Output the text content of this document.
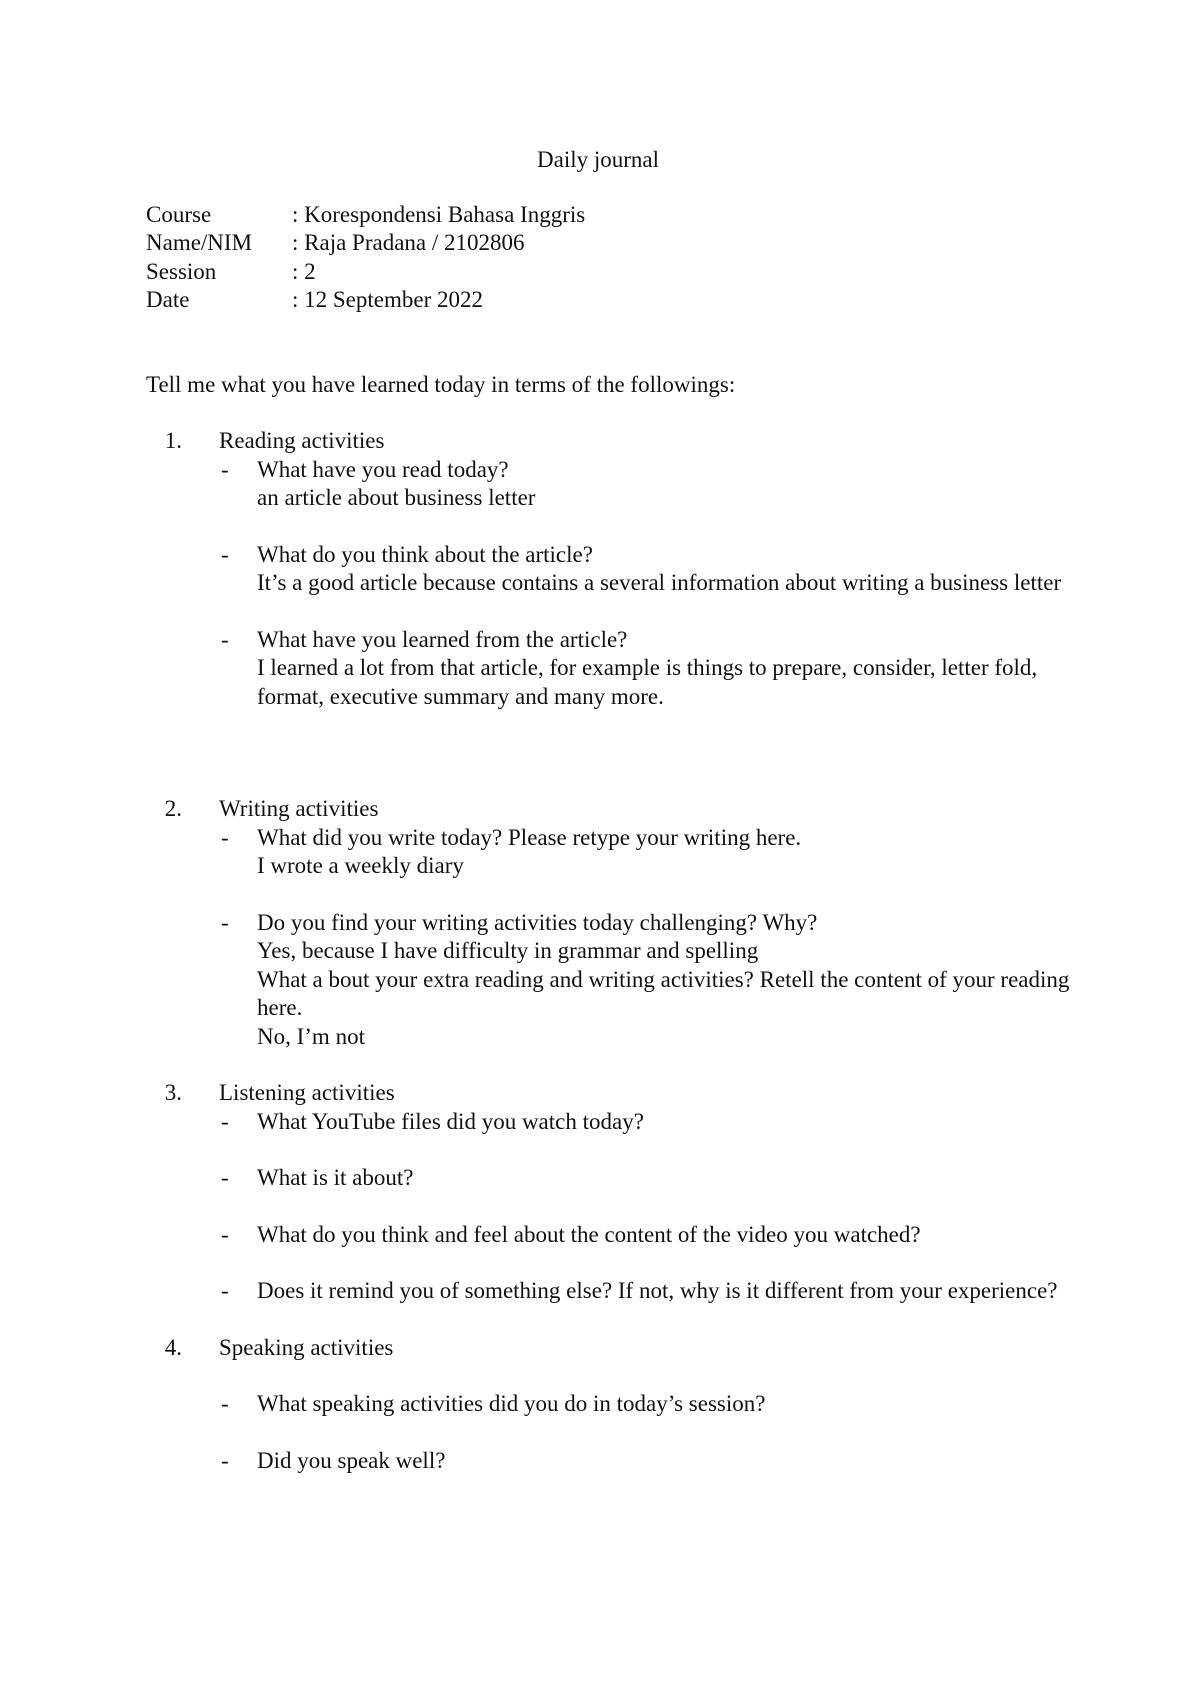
Daily journal
Course	: Korespondensi Bahasa Inggris
Name/NIM	: Raja Pradana / 2102806
Session	: 2
Date	: 12 September 2022
Tell me what you have learned today in terms of the followings:
1.	Reading activities
-	What have you read today?
an article about business letter
-	What do you think about the article?
It’s a good article because contains a several information about writing a business letter
-	What have you learned from the article?
I learned a lot from that article, for example is things to prepare, consider, letter fold, format, executive summary and many more.
2.	Writing activities
-	What did you write today? Please retype your writing here.
I wrote a weekly diary
-	Do you find your writing activities today challenging? Why?
Yes, because I have difficulty in grammar and spelling
What a bout your extra reading and writing activities? Retell the content of your reading here.
No, I’m not
3.	Listening activities
-	What YouTube files did you watch today?
-	What is it about?
-	What do you think and feel about the content of the video you watched?
-	Does it remind you of something else? If not, why is it different from your experience?
4.	Speaking activities
-	What speaking activities did you do in today’s session?
-	Did you speak well?
